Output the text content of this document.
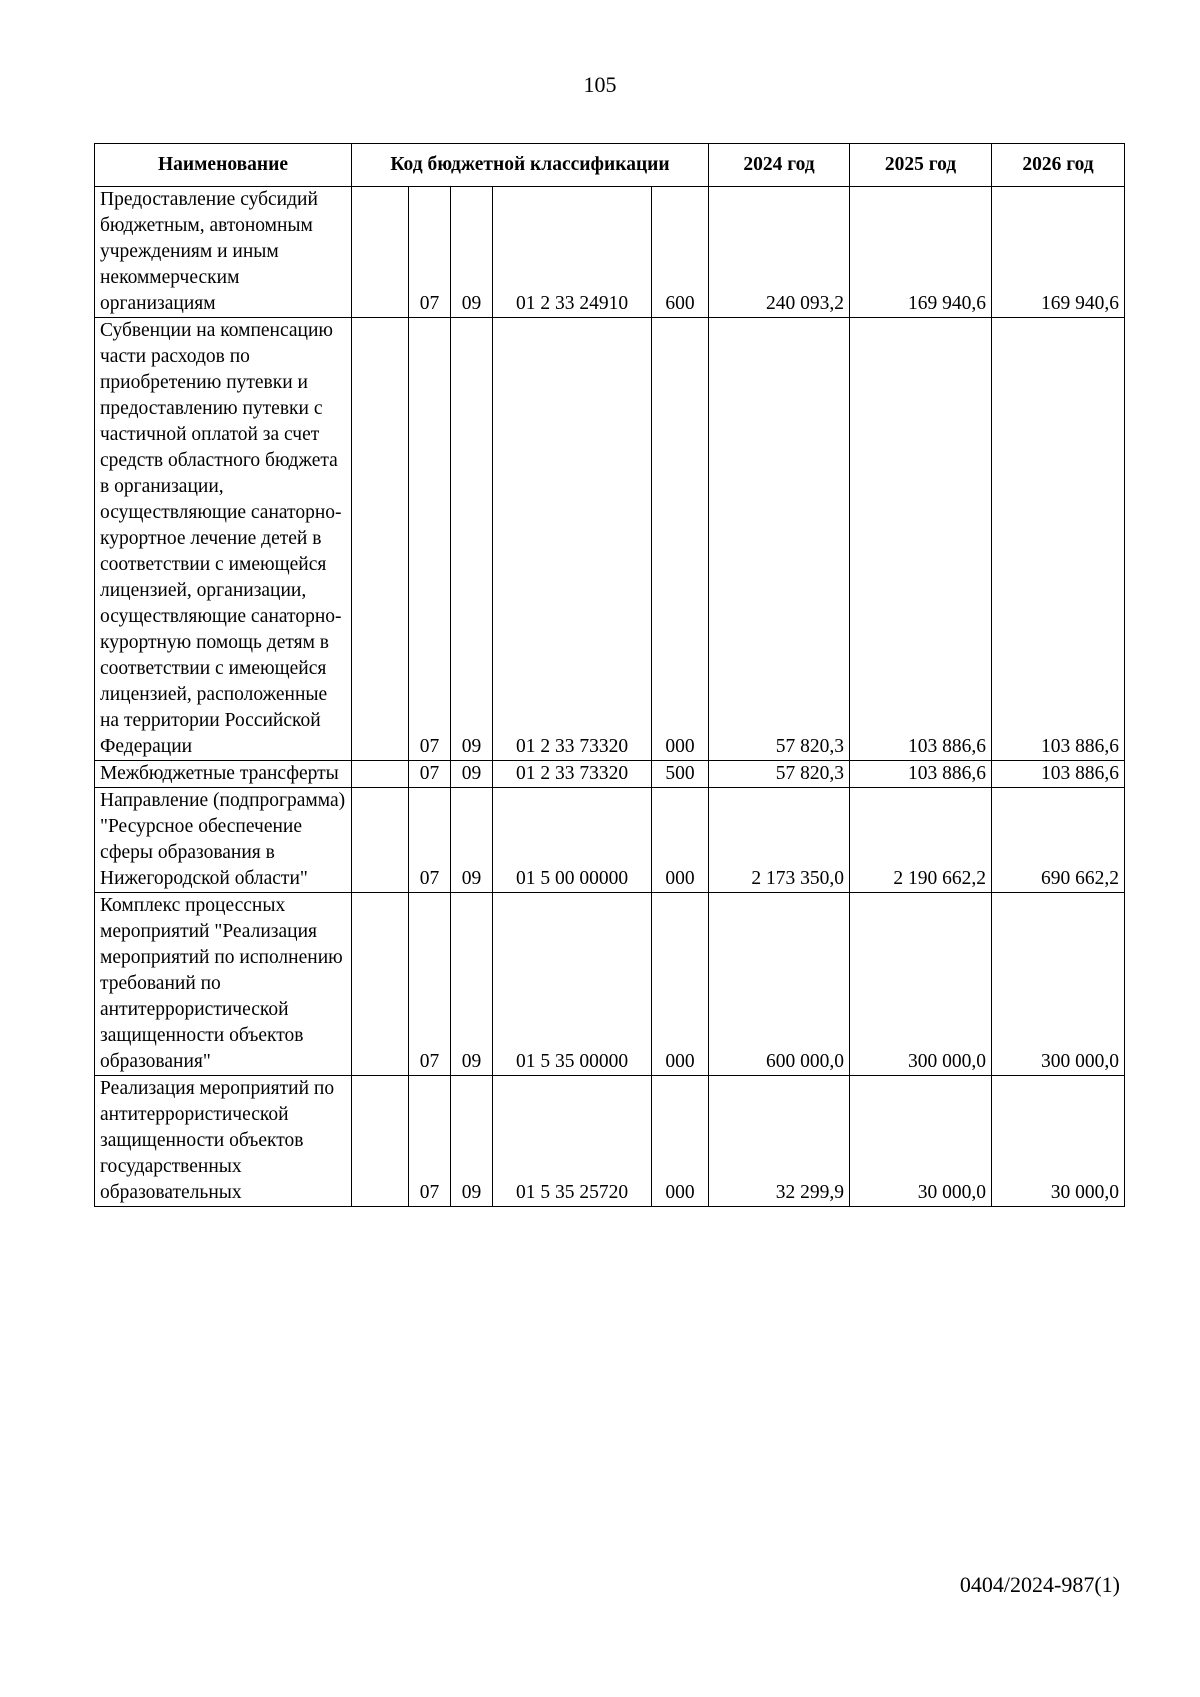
105
Наименование	Код бюджетной классификации					2024 год	2025 год	2026 год
Предоставление субсидий бюджетным, автономным учреждениям и иным некоммерческим организациям		07	09	01 2 33 24910	600	240 093,2	169 940,6	169 940,6
Субвенции на компенсацию части расходов по приобретению путевки и предоставлению путевки с частичной оплатой за счет средств областного бюджета в организации, осуществляющие санаторно-курортное лечение детей в соответствии с имеющейся лицензией, организации, осуществляющие санаторно-курортную помощь детям в соответствии с имеющейся лицензией, расположенные на территории Российской Федерации		07	09	01 2 33 73320	000	57 820,3	103 886,6	103 886,6
Межбюджетные трансферты		07	09	01 2 33 73320	500	57 820,3	103 886,6	103 886,6
Направление (подпрограмма) "Ресурсное обеспечение сферы образования в Нижегородской области"		07	09	01 5 00 00000	000	2 173 350,0	2 190 662,2	690 662,2
Комплекс процессных мероприятий "Реализация мероприятий по исполнению требований по антитеррористической защищенности объектов образования"		07	09	01 5 35 00000	000	600 000,0	300 000,0	300 000,0
Реализация мероприятий по антитеррористической защищенности объектов государственных образовательных		07	09	01 5 35 25720	000	32 299,9	30 000,0	30 000,0
0404/2024-987(1)
